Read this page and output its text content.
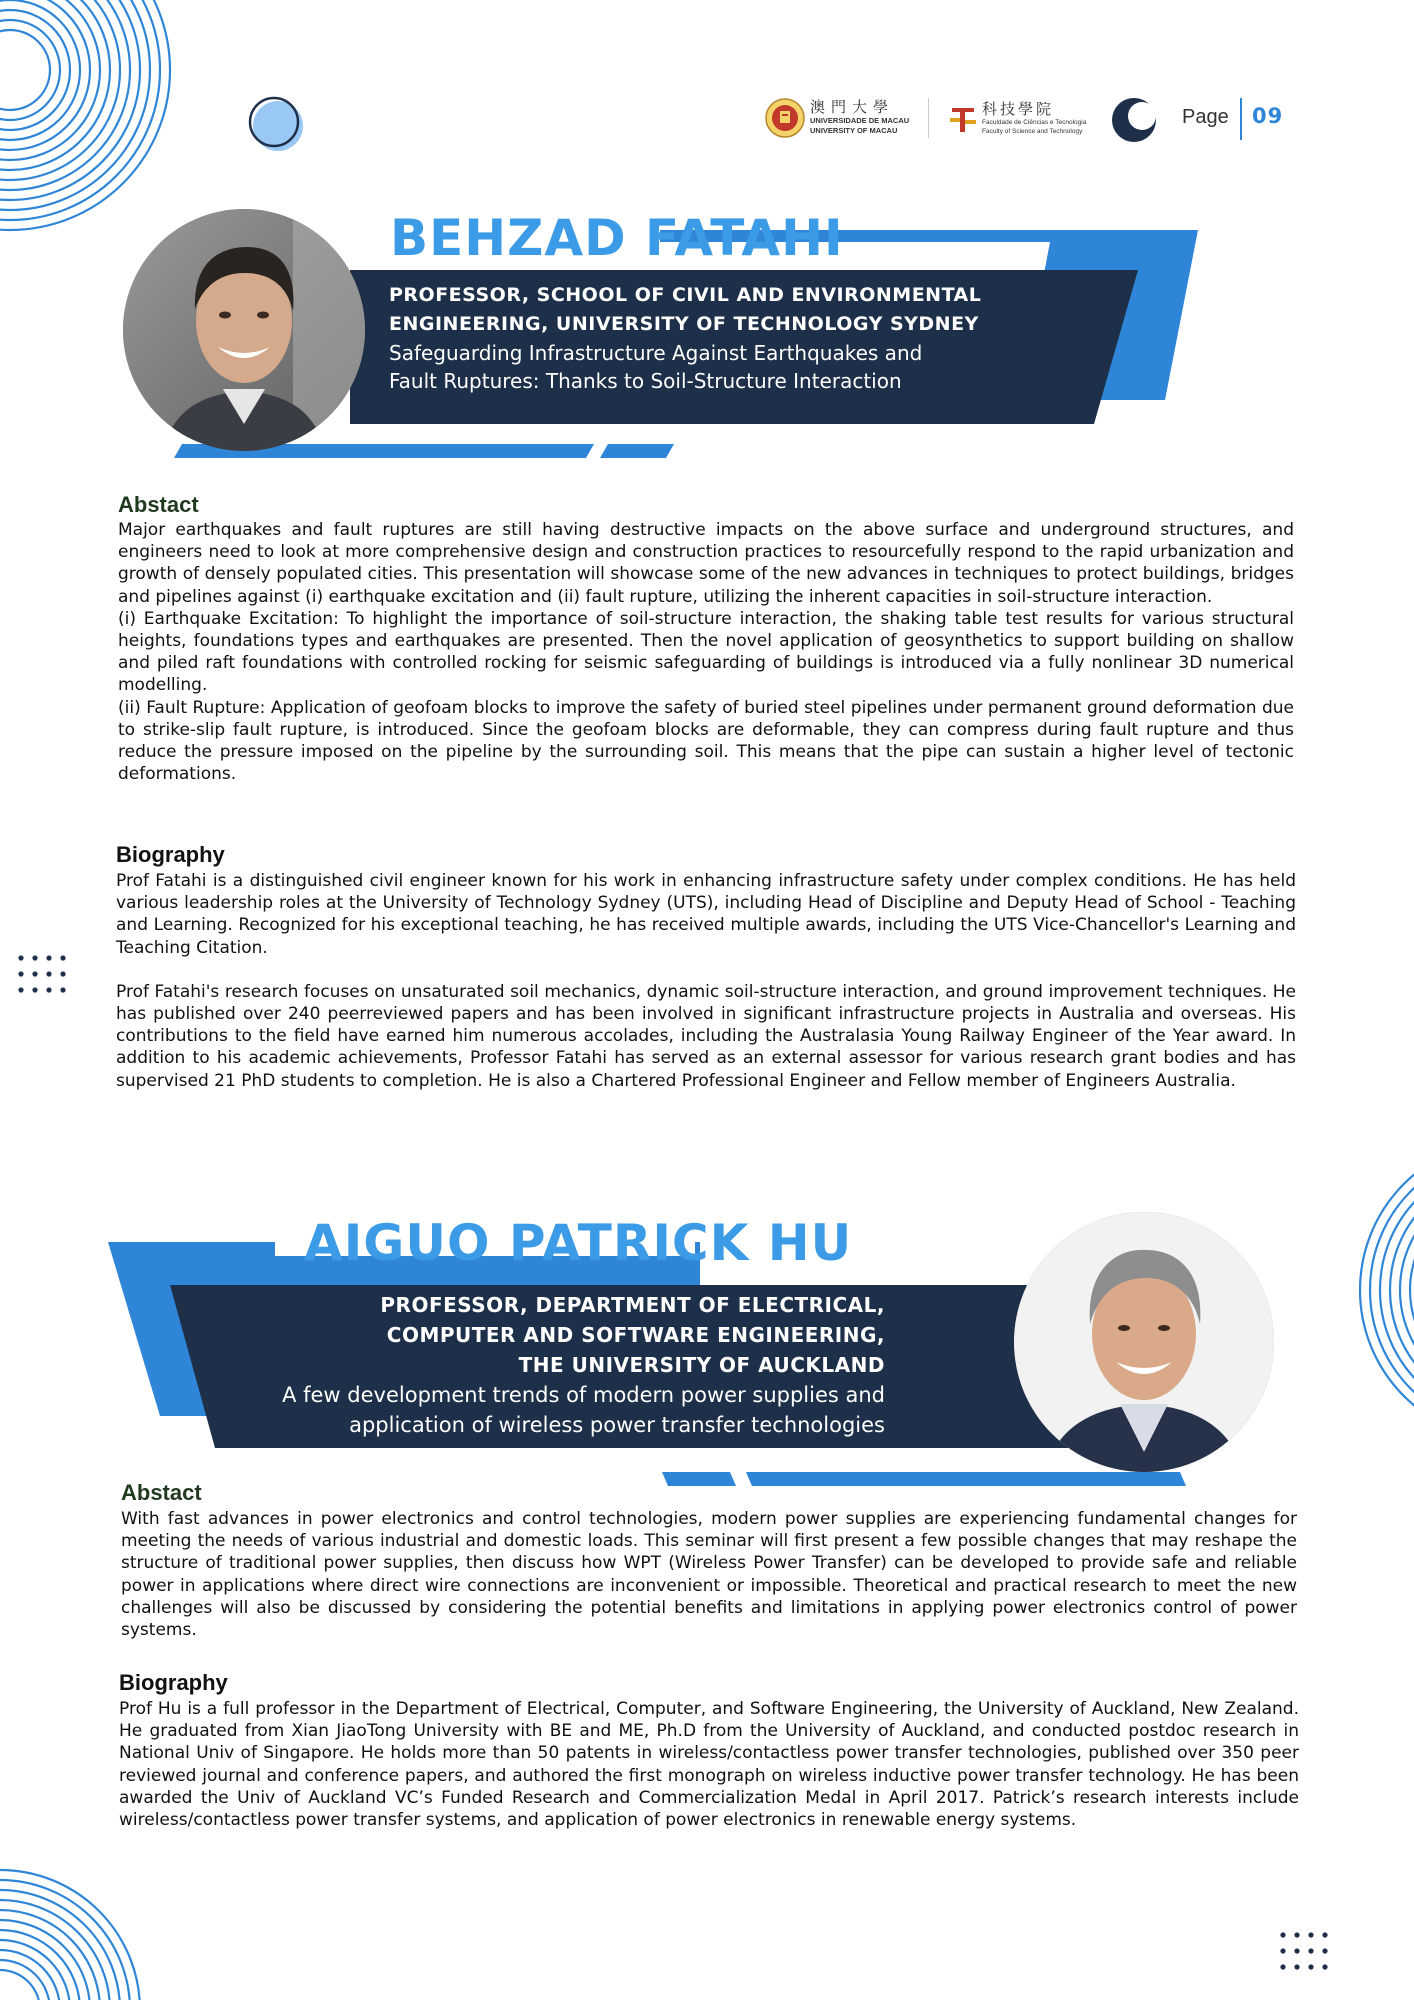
澳門大學
UNIVERSIDADE DE MACAU
UNIVERSITY OF MACAU
科技學院
Faculdade de Ciências e Tecnologia
Faculty of Science and Technology
Page 09
BEHZAD FATAHI

PROFESSOR, SCHOOL OF CIVIL AND ENVIRONMENTAL

ENGINEERING, UNIVERSITY OF TECHNOLOGY SYDNEY

Safeguarding Infrastructure Against Earthquakes and

Fault Ruptures: Thanks to Soil-Structure Interaction

Abstact

Major earthquakes and fault ruptures are still having destructive impacts on the above surface and underground structures, and engineers need to look at more comprehensive design and construction practices to resourcefully respond to the rapid urbanization and growth of densely populated cities. This presentation will showcase some of the new advances in techniques to protect buildings, bridges and pipelines against (i) earthquake excitation and (ii) fault rupture, utilizing the inherent capacities in soil-structure interaction.

(i) Earthquake Excitation: To highlight the importance of soil-structure interaction, the shaking table test results for various structural heights, foundations types and earthquakes are presented. Then the novel application of geosynthetics to support building on shallow and piled raft foundations with controlled rocking for seismic safeguarding of buildings is introduced via a fully nonlinear 3D numerical modelling.

(ii) Fault Rupture: Application of geofoam blocks to improve the safety of buried steel pipelines under permanent ground deformation due to strike-slip fault rupture, is introduced. Since the geofoam blocks are deformable, they can compress during fault rupture and thus reduce the pressure imposed on the pipeline by the surrounding soil. This means that the pipe can sustain a higher level of tectonic deformations.

Biography

Prof Fatahi is a distinguished civil engineer known for his work in enhancing infrastructure safety under complex conditions. He has held various leadership roles at the University of Technology Sydney (UTS), including Head of Discipline and Deputy Head of School - Teaching and Learning. Recognized for his exceptional teaching, he has received multiple awards, including the UTS Vice-Chancellor's Learning and Teaching Citation.

Prof Fatahi's research focuses on unsaturated soil mechanics, dynamic soil-structure interaction, and ground improvement techniques. He has published over 240 peerreviewed papers and has been involved in significant infrastructure projects in Australia and overseas. His contributions to the field have earned him numerous accolades, including the Australasia Young Railway Engineer of the Year award. In addition to his academic achievements, Professor Fatahi has served as an external assessor for various research grant bodies and has supervised 21 PhD students to completion. He is also a Chartered Professional Engineer and Fellow member of Engineers Australia.

AIGUO PATRICK HU

PROFESSOR, DEPARTMENT OF ELECTRICAL,

COMPUTER AND SOFTWARE ENGINEERING,

THE UNIVERSITY OF AUCKLAND

A few development trends of modern power supplies and

application of wireless power transfer technologies

Abstact

With fast advances in power electronics and control technologies, modern power supplies are experiencing fundamental changes for meeting the needs of various industrial and domestic loads. This seminar will first present a few possible changes that may reshape the structure of traditional power supplies, then discuss how WPT (Wireless Power Transfer) can be developed to provide safe and reliable power in applications where direct wire connections are inconvenient or impossible. Theoretical and practical research to meet the new challenges will also be discussed by considering the potential benefits and limitations in applying power electronics control of power systems.

Biography

Prof Hu is a full professor in the Department of Electrical, Computer, and Software Engineering, the University of Auckland, New Zealand. He graduated from Xian JiaoTong University with BE and ME, Ph.D from the University of Auckland, and conducted postdoc research in National Univ of Singapore. He holds more than 50 patents in wireless/contactless power transfer technologies, published over 350 peer reviewed journal and conference papers, and authored the first monograph on wireless inductive power transfer technology. He has been awarded the Univ of Auckland VC’s Funded Research and Commercialization Medal in April 2017. Patrick’s research interests include wireless/contactless power transfer systems, and application of power electronics in renewable energy systems.
